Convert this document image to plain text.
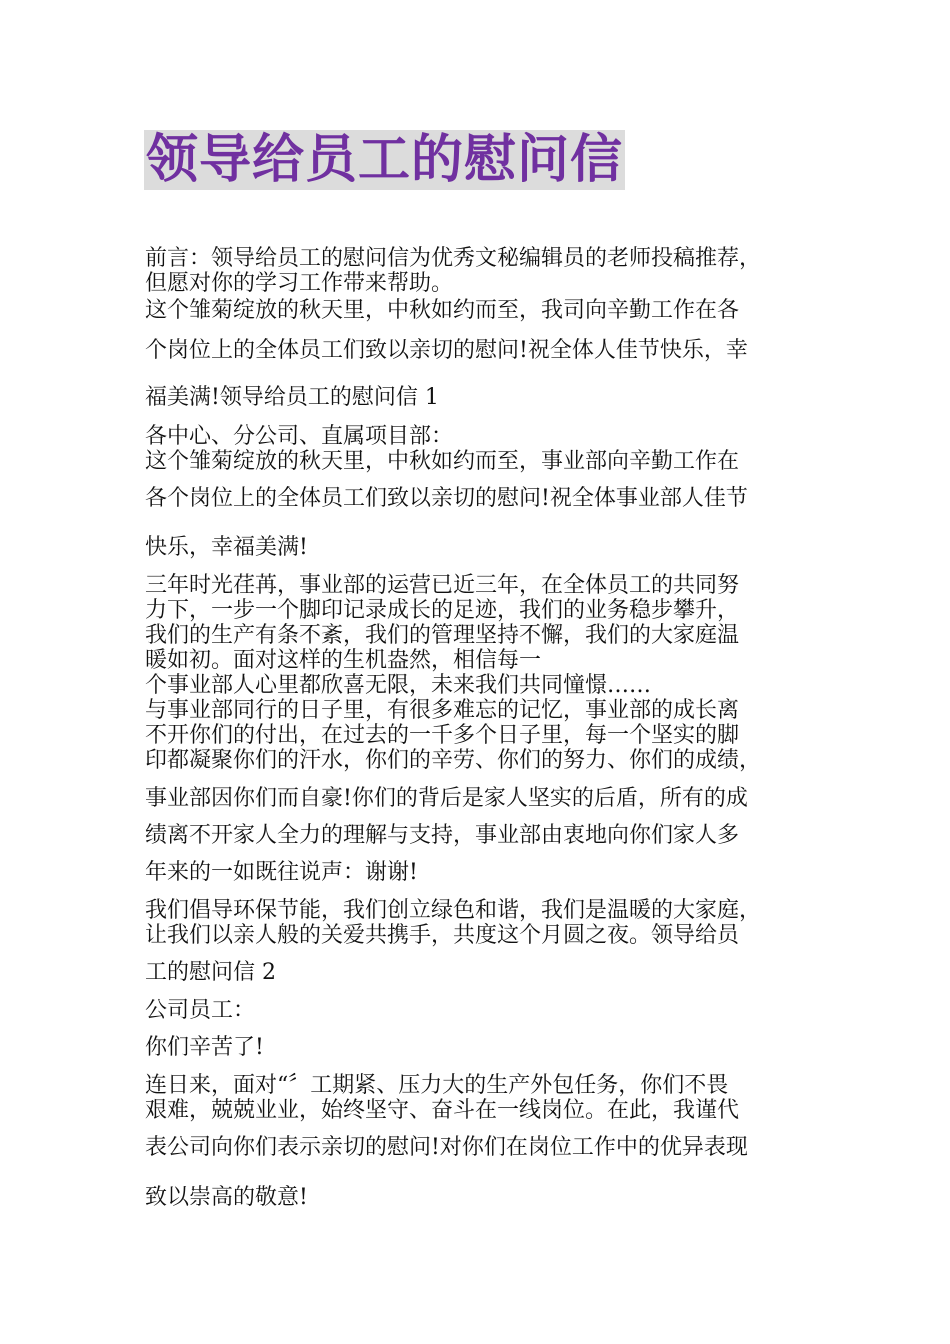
领导给员工的慰问信
前言：领导给员工的慰问信为优秀文秘编辑员的老师投稿推荐，
但愿对你的学习工作带来帮助。
这个雏菊绽放的秋天里，中秋如约而至，我司向辛勤工作在各
个岗位上的全体员工们致以亲切的慰问!祝全体人佳节快乐，幸
福美满!领导给员工的慰问信 1
各中心、分公司、直属项目部：
这个雏菊绽放的秋天里，中秋如约而至，事业部向辛勤工作在
各个岗位上的全体员工们致以亲切的慰问!祝全体事业部人佳节
快乐，幸福美满!
三年时光荏苒，事业部的运营已近三年，在全体员工的共同努
力下，一步一个脚印记录成长的足迹，我们的业务稳步攀升，
我们的生产有条不紊，我们的管理坚持不懈，我们的大家庭温
暖如初。面对这样的生机盎然，相信每一
个事业部人心里都欣喜无限，未来我们共同憧憬……
与事业部同行的日子里，有很多难忘的记忆，事业部的成长离
不开你们的付出，在过去的一千多个日子里，每一个坚实的脚
印都凝聚你们的汗水，你们的辛劳、你们的努力、你们的成绩，
事业部因你们而自豪!你们的背后是家人坚实的后盾，所有的成
绩离不开家人全力的理解与支持，事业部由衷地向你们家人多
年来的一如既往说声：谢谢!
我们倡导环保节能，我们创立绿色和谐，我们是温暖的大家庭，
让我们以亲人般的关爱共携手，共度这个月圆之夜。领导给员
工的慰问信 2
公司员工：
你们辛苦了!
连日来，面对“〞工期紧、压力大的生产外包任务，你们不畏
艰难，兢兢业业，始终坚守、奋斗在一线岗位。在此，我谨代
表公司向你们表示亲切的慰问!对你们在岗位工作中的优异表现
致以崇高的敬意!
